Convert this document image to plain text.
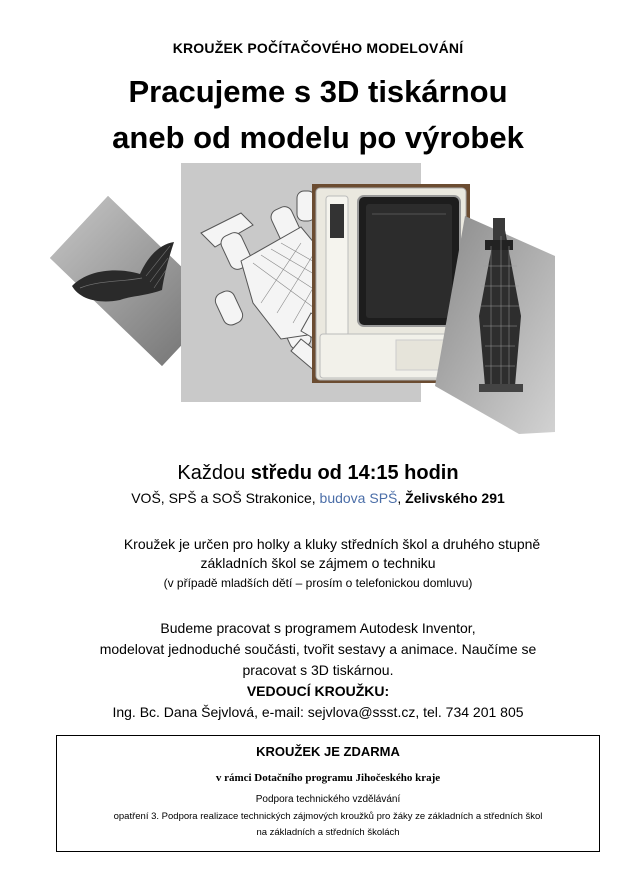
KROUŽEK POČÍTAČOVÉHO MODELOVÁNÍ
Pracujeme s 3D tiskárnou
aneb od modelu po výrobek
Každou středu od 14:15 hodin
VOŠ, SPŠ a SOŠ Strakonice, budova SPŠ, Želivského 291
Kroužek je určen pro holky a kluky středních škol a druhého stupně
základních škol se zájmem o techniku
(v případě mladších dětí – prosím o telefonickou domluvu)
Budeme pracovat s programem Autodesk Inventor,
modelovat jednoduché součásti, tvořit sestavy a animace. Naučíme se
pracovat s 3D tiskárnou.
VEDOUCÍ KROUŽKU:
Ing. Bc. Dana Šejvlová, e-mail: sejvlova@ssst.cz, tel. 734 201 805
KROUŽEK JE ZDARMA
v rámci Dotačního programu Jihočeského kraje
Podpora technického vzdělávání
opatření 3. Podpora realizace technických zájmových kroužků pro žáky ze základních a středních škol
na základních a středních školách
